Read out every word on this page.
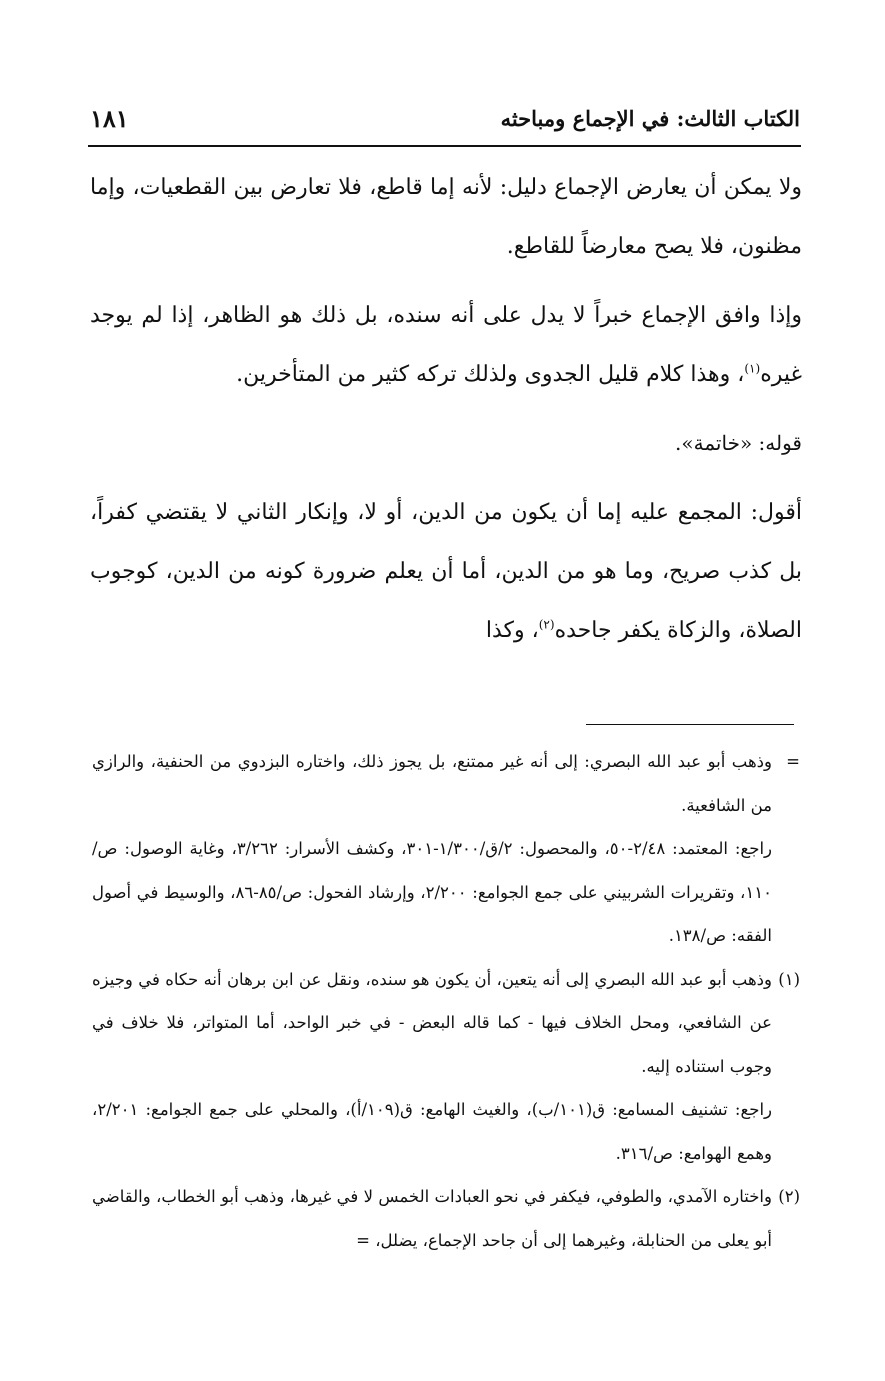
الكتاب الثالث: في الإجماع ومباحثه
١٨١

ولا يمكن أن يعارض الإجماع دليل: لأنه إما قاطع، فلا تعارض بين القطعيات، وإما مظنون، فلا يصح معارضاً للقاطع.

وإذا وافق الإجماع خبراً لا يدل على أنه سنده، بل ذلك هو الظاهر، إذا لم يوجد غيره$^{(١)}$، وهذا كلام قليل الجدوى ولذلك تركه كثير من المتأخرين.

قوله: «خاتمة».

أقول: المجمع عليه إما أن يكون من الدين، أو لا، وإنكار الثاني لا يقتضي كفراً، بل كذب صريح، وما هو من الدين، أما أن يعلم ضرورة كونه من الدين، كوجوب الصلاة، والزكاة يكفر جاحده$^{(٢)}$، وكذا

=

وذهب أبو عبد الله البصري: إلى أنه غير ممتنع، بل يجوز ذلك، واختاره البزدوي من الحنفية، والرازي من الشافعية.

راجع: المعتمد: ٢/٤٨-٥٠، والمحصول: ٢/ق/١/٣٠٠-٣٠١، وكشف الأسرار: ٣/٢٦٢، وغاية الوصول: ص/١١٠، وتقريرات الشربيني على جمع الجوامع: ٢/٢٠٠، وإرشاد الفحول: ص/٨٥-٨٦، والوسيط في أصول الفقه: ص/١٣٨.

(١)

وذهب أبو عبد الله البصري إلى أنه يتعين، أن يكون هو سنده، ونقل عن ابن برهان أنه حكاه في وجيزه عن الشافعي، ومحل الخلاف فيها - كما قاله البعض - في خبر الواحد، أما المتواتر، فلا خلاف في وجوب استناده إليه.

راجع: تشنيف المسامع: ق(١٠١/ب)، والغيث الهامع: ق(١٠٩/أ)، والمحلي على جمع الجوامع: ٢/٢٠١، وهمع الهوامع: ص/٣١٦.

(٢)

واختاره الآمدي، والطوفي، فيكفر في نحو العبادات الخمس لا في غيرها، وذهب أبو الخطاب، والقاضي أبو يعلى من الحنابلة، وغيرهما إلى أن جاحد الإجماع، يضلل، =
